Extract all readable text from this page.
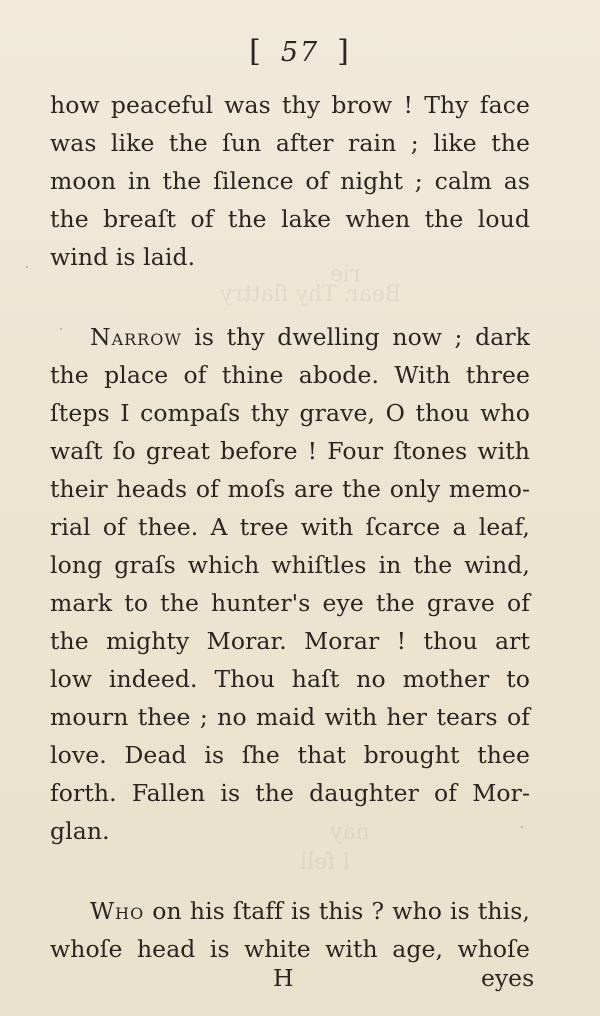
rie
Bear. Thy flattry
nay
I fell
[ 57 ]
how peaceful was thy brow ! Thy face
was like the ſun after rain ; like the
moon in the ſilence of night ; calm as
the breaſt of the lake when the loud
wind is laid.
Narrow is thy dwelling now ; dark
the place of thine abode. With three
ſteps I compaſs thy grave, O thou who
waſt ſo great before ! Four ſtones with
their heads of moſs are the only memo-
rial of thee. A tree with ſcarce a leaf,
long graſs which whiſtles in the wind,
mark to the hunter's eye the grave of
the mighty Morar. Morar ! thou art
low indeed. Thou haſt no mother to
mourn thee ; no maid with her tears of
love. Dead is ſhe that brought thee
forth. Fallen is the daughter of Mor-
glan.
Who on his ſtaff is this ? who is this,
whoſe head is white with age, whoſe
H	eyes
